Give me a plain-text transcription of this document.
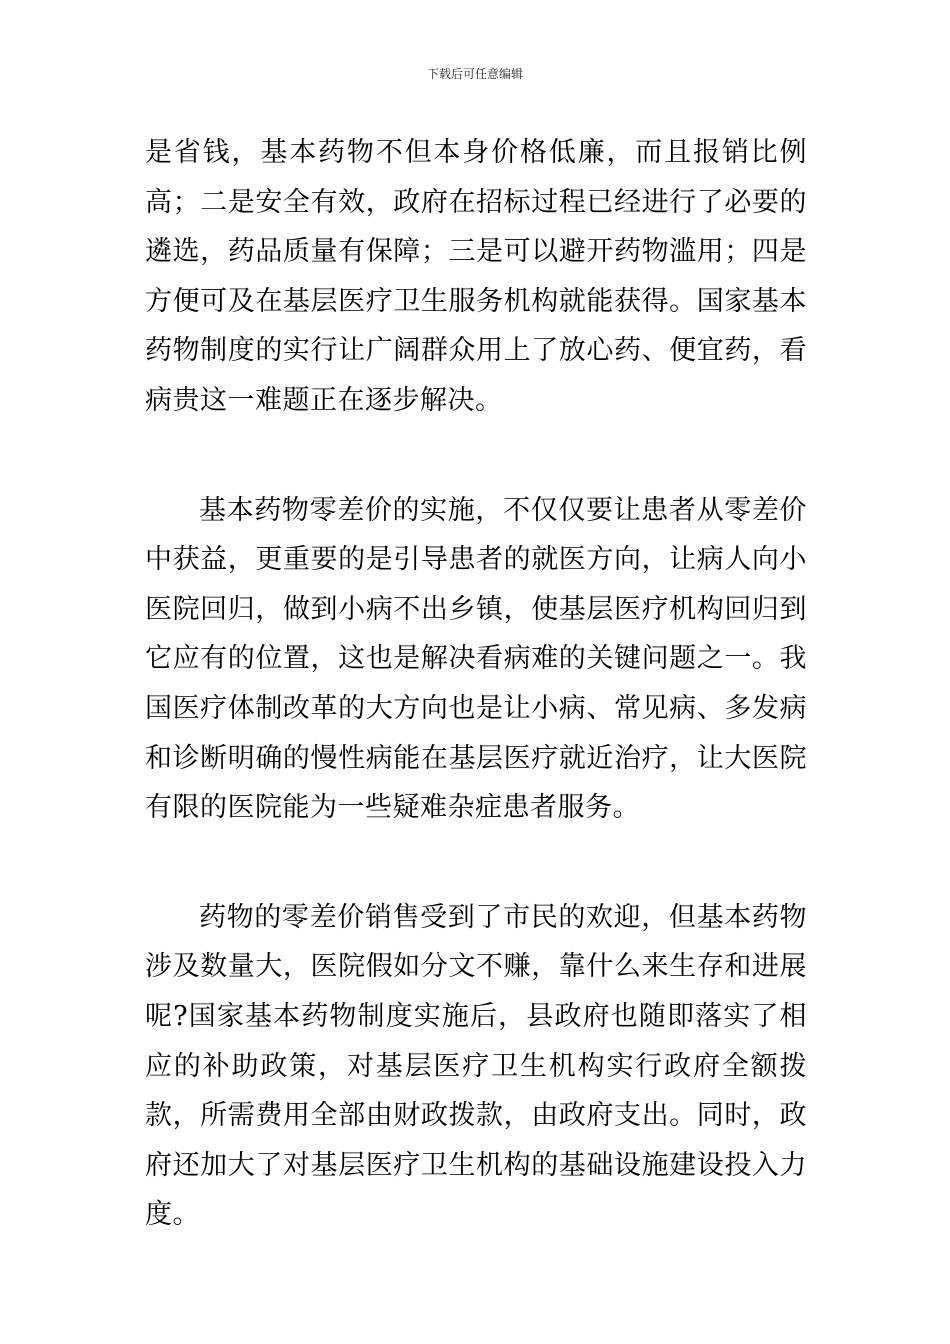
下载后可任意编辑

是省钱，基本药物不但本身价格低廉，而且报销比例高；二是安全有效，政府在招标过程已经进行了必要的遴选，药品质量有保障；三是可以避开药物滥用；四是方便可及在基层医疗卫生服务机构就能获得。国家基本药物制度的实行让广阔群众用上了放心药、便宜药，看病贵这一难题正在逐步解决。

基本药物零差价的实施，不仅仅要让患者从零差价中获益，更重要的是引导患者的就医方向，让病人向小医院回归，做到小病不出乡镇，使基层医疗机构回归到它应有的位置，这也是解决看病难的关键问题之一。我国医疗体制改革的大方向也是让小病、常见病、多发病和诊断明确的慢性病能在基层医疗就近治疗，让大医院有限的医院能为一些疑难杂症患者服务。

药物的零差价销售受到了市民的欢迎，但基本药物涉及数量大，医院假如分文不赚，靠什么来生存和进展呢?国家基本药物制度实施后，县政府也随即落实了相应的补助政策，对基层医疗卫生机构实行政府全额拨款，所需费用全部由财政拨款，由政府支出。同时，政府还加大了对基层医疗卫生机构的基础设施建设投入力度。
